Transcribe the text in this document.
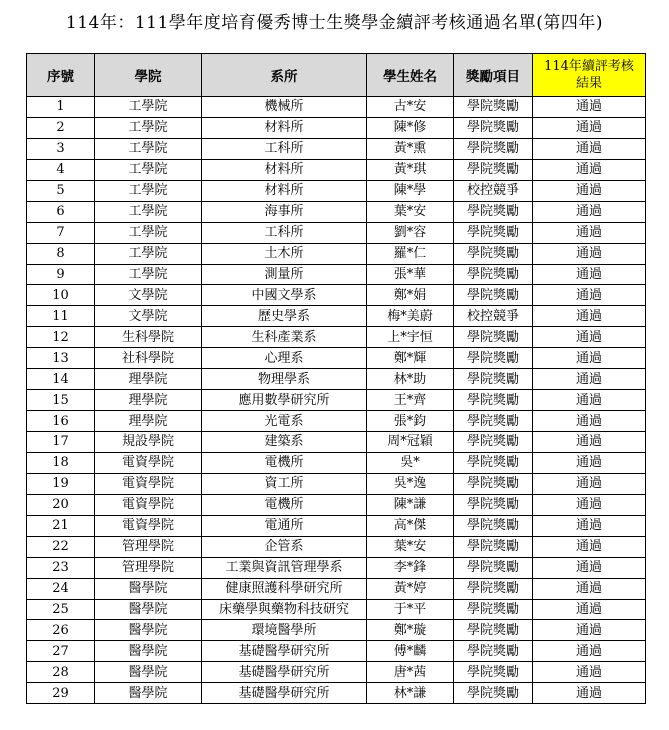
114年：111學年度培育優秀博士生獎學金續評考核通過名單(第四年)
序號	學院	系所	學生姓名	獎勵項目	114年續評考核
結果

1	工學院	機械所	古*安	學院獎勵	通過
2	工學院	材料所	陳*修	學院獎勵	通過
3	工學院	工科所	黃*熏	學院獎勵	通過
4	工學院	材料所	黃*琪	學院獎勵	通過
5	工學院	材料所	陳*學	校控競爭	通過
6	工學院	海事所	葉*安	學院獎勵	通過
7	工學院	工科所	劉*容	學院獎勵	通過
8	工學院	土木所	羅*仁	學院獎勵	通過
9	工學院	測量所	張*華	學院獎勵	通過
10	文學院	中國文學系	鄭*娟	學院獎勵	通過
11	文學院	歷史學系	梅*美蔚	校控競爭	通過
12	生科學院	生科產業系	上*宇恒	學院獎勵	通過
13	社科學院	心理系	鄭*輝	學院獎勵	通過
14	理學院	物理學系	林*助	學院獎勵	通過
15	理學院	應用數學研究所	王*齊	學院獎勵	通過
16	理學院	光電系	張*鈞	學院獎勵	通過
17	規設學院	建築系	周*冠穎	學院獎勵	通過
18	電資學院	電機所	吳*	學院獎勵	通過
19	電資學院	資工所	吳*逸	學院獎勵	通過
20	電資學院	電機所	陳*謙	學院獎勵	通過
21	電資學院	電通所	高*傑	學院獎勵	通過
22	管理學院	企管系	葉*安	學院獎勵	通過
23	管理學院	工業與資訊管理學系	李*鋒	學院獎勵	通過
24	醫學院	健康照護科學研究所	黃*婷	學院獎勵	通過
25	醫學院	床藥學與藥物科技研究	于*平	學院獎勵	通過
26	醫學院	環境醫學所	鄭*璇	學院獎勵	通過
27	醫學院	基礎醫學研究所	傅*麟	學院獎勵	通過
28	醫學院	基礎醫學研究所	唐*茜	學院獎勵	通過
29	醫學院	基礎醫學研究所	林*謙	學院獎勵	通過
